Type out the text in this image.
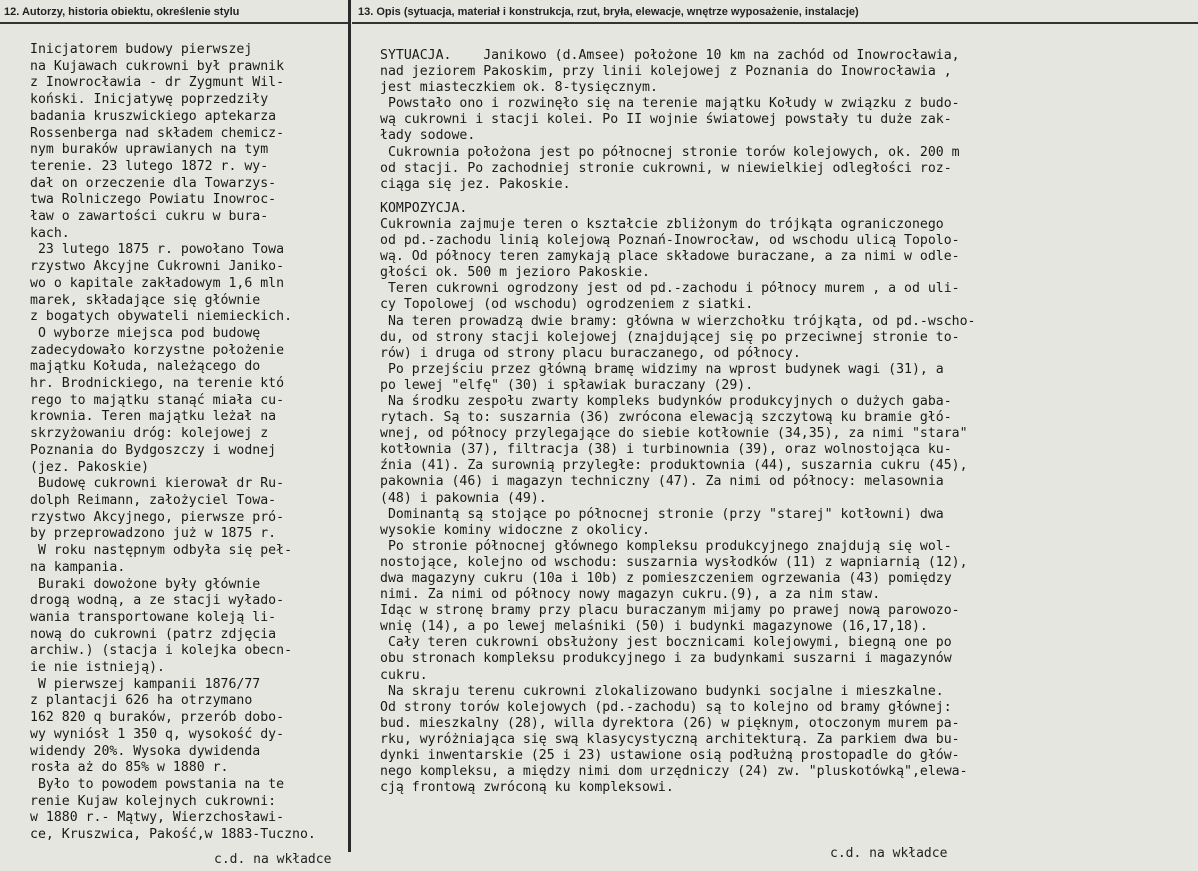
12. Autorzy, historia obiektu, określenie stylu	13. Opis (sytuacja, materiał i konstrukcja, rzut, bryła, elewacje, wnętrze wyposażenie, instalacje)

Inicjatorem budowy pierwszej
na Kujawach cukrowni był prawnik
z Inowrocławia - dr Zygmunt Wil-
koński. Inicjatywę poprzedziły
badania kruszwickiego aptekarza
Rossenberga nad składem chemicz-
nym buraków uprawianych na tym
terenie. 23 lutego 1872 r. wy-
dał on orzeczenie dla Towarzys-
twa Rolniczego Powiatu Inowroc-
ław o zawartości cukru w bura-
kach.

23 lutego 1875 r. powołano Towa
rzystwo Akcyjne Cukrowni Janiko-
wo o kapitale zakładowym 1,6 mln
marek, składające się głównie
z bogatych obywateli niemieckich.

O wyborze miejsca pod budowę
zadecydowało korzystne położenie
majątku Kołuda, należącego do
hr. Brodnickiego, na terenie któ
rego to majątku stanąć miała cu-
krownia. Teren majątku leżał na
skrzyżowaniu dróg: kolejowej z
Poznania do Bydgoszczy i wodnej
(jez. Pakoskie)

Budowę cukrowni kierował dr Ru-
dolph Reimann, założyciel Towa-
rzystwo Akcyjnego, pierwsze pró-
by przeprowadzono już w 1875 r.
W roku następnym odbyła się peł-
na kampania.

Buraki dowożone były głównie
drogą wodną, a ze stacji wyłado-
wania transportowane koleją li-
nową do cukrowni (patrz zdjęcia
archiw.) (stacja i kolejka obecn-
ie nie istnieją).

W pierwszej kampanii 1876/77
z plantacji 626 ha otrzymano
162 820 q buraków, przerób dobo-
wy wyniósł 1 350 q, wysokość dy-
widendy 20%. Wysoka dywidenda
rosła aż do 85% w 1880 r.

Było to powodem powstania na te
renie Kujaw kolejnych cukrowni:
w 1880 r.- Mątwy, Wierzchosławi-
ce, Kruszwica, Pakość,w 1883-Tuczno.

SYTUACJA.    Janikowo (d.Amsee) położone 10 km na zachód od Inowrocławia,
nad jeziorem Pakoskim, przy linii kolejowej z Poznania do Inowrocławia ,
jest miasteczkiem ok. 8-tysięcznym.
Powstało ono i rozwinęło się na terenie majątku Kołudy w związku z budo-
wą cukrowni i stacji kolei. Po II wojnie światowej powstały tu duże zak-
łady sodowe.
Cukrownia położona jest po północnej stronie torów kolejowych, ok. 200 m
od stacji. Po zachodniej stronie cukrowni, w niewielkiej odległości roz-
ciąga się jez. Pakoskie.

KOMPOZYCJA.
Cukrownia zajmuje teren o kształcie zbliżonym do trójkąta ograniczonego
od pd.-zachodu linią kolejową Poznań-Inowrocław, od wschodu ulicą Topolo-
wą. Od północy teren zamykają place składowe buraczane, a za nimi w odle-
głości ok. 500 m jezioro Pakoskie.
Teren cukrowni ogrodzony jest od pd.-zachodu i północy murem , a od uli-
cy Topolowej (od wschodu) ogrodzeniem z siatki.
Na teren prowadzą dwie bramy: główna w wierzchołku trójkąta, od pd.-wscho-
du, od strony stacji kolejowej (znajdującej się po przeciwnej stronie to-
rów) i druga od strony placu buraczanego, od północy.
Po przejściu przez główną bramę widzimy na wprost budynek wagi (31), a
po lewej "elfę" (30) i spławiak buraczany (29).
Na środku zespołu zwarty kompleks budynków produkcyjnych o dużych gaba-
rytach. Są to: suszarnia (36) zwrócona elewacją szczytową ku bramie głó-
wnej, od północy przylegające do siebie kotłownie (34,35), za nimi "stara"
kotłownia (37), filtracja (38) i turbinownia (39), oraz wolnostojąca ku-
źnia (41). Za surownią przyległe: produktownia (44), suszarnia cukru (45),
pakownia (46) i magazyn techniczny (47). Za nimi od północy: melasownia
(48) i pakownia (49).
Dominantą są stojące po północnej stronie (przy "starej" kotłowni) dwa
wysokie kominy widoczne z okolicy.
Po stronie północnej głównego kompleksu produkcyjnego znajdują się wol-
nostojące, kolejno od wschodu: suszarnia wysłodków (11) z wapniarnią (12),
dwa magazyny cukru (10a i 10b) z pomieszczeniem ogrzewania (43) pomiędzy
nimi. Za nimi od północy nowy magazyn cukru.(9), a za nim staw.
Idąc w stronę bramy przy placu buraczanym mijamy po prawej nową parowozo-
wnię (14), a po lewej melaśniki (50) i budynki magazynowe (16,17,18).
Cały teren cukrowni obsłużony jest bocznicami kolejowymi, biegną one po
obu stronach kompleksu produkcyjnego i za budynkami suszarni i magazynów
cukru.
Na skraju terenu cukrowni zlokalizowano budynki socjalne i mieszkalne.
Od strony torów kolejowych (pd.-zachodu) są to kolejno od bramy głównej:
bud. mieszkalny (28), willa dyrektora (26) w pięknym, otoczonym murem pa-
rku, wyróżniająca się swą klasycystyczną architekturą. Za parkiem dwa bu-
dynki inwentarskie (25 i 23) ustawione osią podłużną prostopadle do głów-
nego kompleksu, a między nimi dom urzędniczy (24) zw. "pluskotówką",elewa-
cją frontową zwróconą ku kompleksowi.

c.d. na wkładce	c.d. na wkładce
